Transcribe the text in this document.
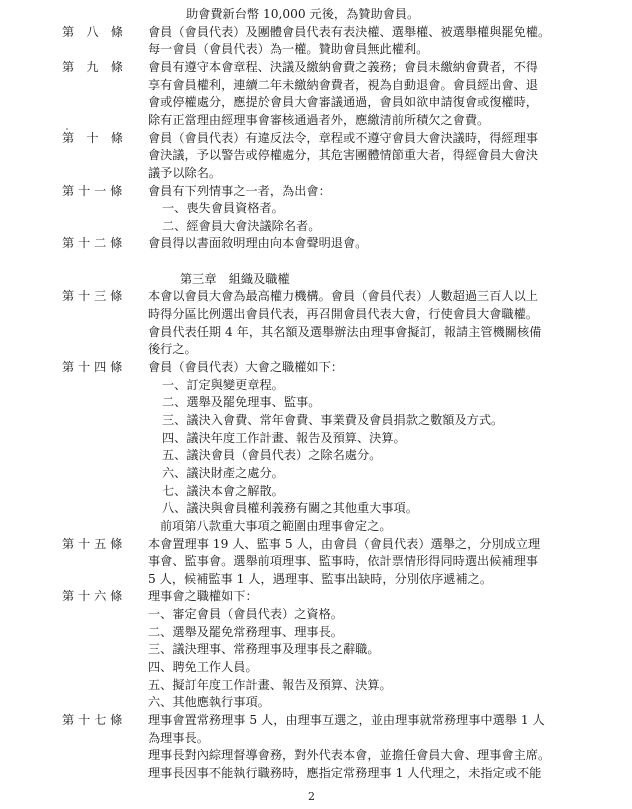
助會費新台幣 10,000 元後，為贊助會員。
第　八　條	會員（會員代表）及團體會員代表有表決權、選舉權、被選舉權與罷免權。
每一會員（會員代表）為一權。贊助會員無此權利。
第　九　條	會員有遵守本會章程、決議及繳納會費之義務；會員未繳納會費者，不得
享有會員權利，連續二年未繳納會費者，視為自動退會。會員經出會、退
會或停權處分，應提於會員大會審議通過，會員如欲申請復會或復權時，
除有正當理由經理事會審核通過者外，應繳清前所積欠之會費。
第　十　條	會員（會員代表）有違反法令，章程或不遵守會員大會決議時，得經理事
會決議，予以警告或停權處分，其危害團體情節重大者，得經會員大會決
議予以除名。
第 十 一 條	會員有下列情事之一者，為出會：
一、喪失會員資格者。
二、經會員大會決議除名者。
第 十 二 條	會員得以書面敘明理由向本會聲明退會。
第三章　組織及職權
第 十 三 條	本會以會員大會為最高權力機構。會員（會員代表）人數超過三百人以上
時得分區比例選出會員代表，再召開會員代表大會，行使會員大會職權。
會員代表任期 4 年，其名額及選舉辦法由理事會擬訂，報請主管機關核備
後行之。
第 十 四 條	會員（會員代表）大會之職權如下：
一、訂定與變更章程。
二、選舉及罷免理事、監事。
三、議決入會費、常年會費、事業費及會員捐款之數額及方式。
四、議決年度工作計畫、報告及預算、決算。
五、議決會員（會員代表）之除名處分。
六、議決財產之處分。
七、議決本會之解散。
八、議決與會員權利義務有關之其他重大事項。
前項第八款重大事項之範圍由理事會定之。
第 十 五 條	本會置理事 19 人、監事 5 人，由會員（會員代表）選舉之，分別成立理
事會、監事會。選舉前項理事、監事時，依計票情形得同時選出候補理事
5 人，候補監事 1 人，遇理事、監事出缺時，分別依序遞補之。
第 十 六 條	理事會之職權如下：
一、審定會員（會員代表）之資格。
二、選舉及罷免常務理事、理事長。
三、議決理事、常務理事及理事長之辭職。
四、聘免工作人員。
五、擬訂年度工作計畫、報告及預算、決算。
六、其他應執行事項。
第 十 七 條	理事會置常務理事 5 人，由理事互選之，並由理事就常務理事中選舉 1 人
為理事長。
理事長對內綜理督導會務，對外代表本會，並擔任會員大會、理事會主席。
理事長因事不能執行職務時，應指定常務理事 1 人代理之，未指定或不能
2
